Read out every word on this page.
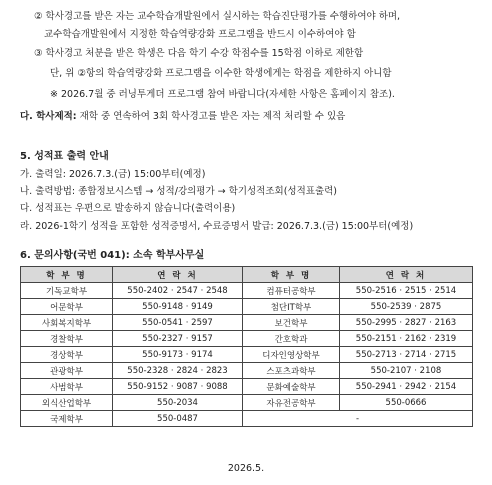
② 학사경고를 받은 자는 교수학습개발원에서 실시하는 학습진단평가를 수행하여야 하며,
교수학습개발원에서 지정한 학습역량강화 프로그램을 반드시 이수하여야 함
③ 학사경고 처분을 받은 학생은 다음 학기 수강 학점수를 15학점 이하로 제한함
단, 위 ②항의 학습역량강화 프로그램을 이수한 학생에게는 학점을 제한하지 아니함
※ 2026.7월 중 러닝투게더 프로그램 참여 바랍니다(자세한 사항은 홈페이지 참조).
다. 학사제적: 재학 중 연속하여 3회 학사경고를 받은 자는 제적 처리할 수 있음
5. 성적표 출력 안내
가. 출력일: 2026.7.3.(금) 15:00부터(예정)
나. 출력방법: 종합정보시스템 → 성적/강의평가 → 학기성적조회(성적표출력)
다. 성적표는 우편으로 발송하지 않습니다(출력이용)
라. 2026-1학기 성적을 포함한 성적증명서, 수료증명서 발급: 2026.7.3.(금) 15:00부터(예정)
6. 문의사항(국번 041): 소속 학부사무실
학 부 명	연 락 처	학 부 명	연 락 처
기독교학부	550-2402 · 2547 · 2548	컴퓨터공학부	550-2516 · 2515 · 2514
어문학부	550-9148 · 9149	첨단IT학부	550-2539 · 2875
사회복지학부	550-0541 · 2597	보건학부	550-2995 · 2827 · 2163
경찰학부	550-2327 · 9157	간호학과	550-2151 · 2162 · 2319
경상학부	550-9173 · 9174	디자인영상학부	550-2713 · 2714 · 2715
관광학부	550-2328 · 2824 · 2823	스포츠과학부	550-2107 · 2108
사범학부	550-9152 · 9087 · 9088	문화예술학부	550-2941 · 2942 · 2154
외식산업학부	550-2034	자유전공학부	550-0666
국제학부	550-0487	-	
2026.5.
